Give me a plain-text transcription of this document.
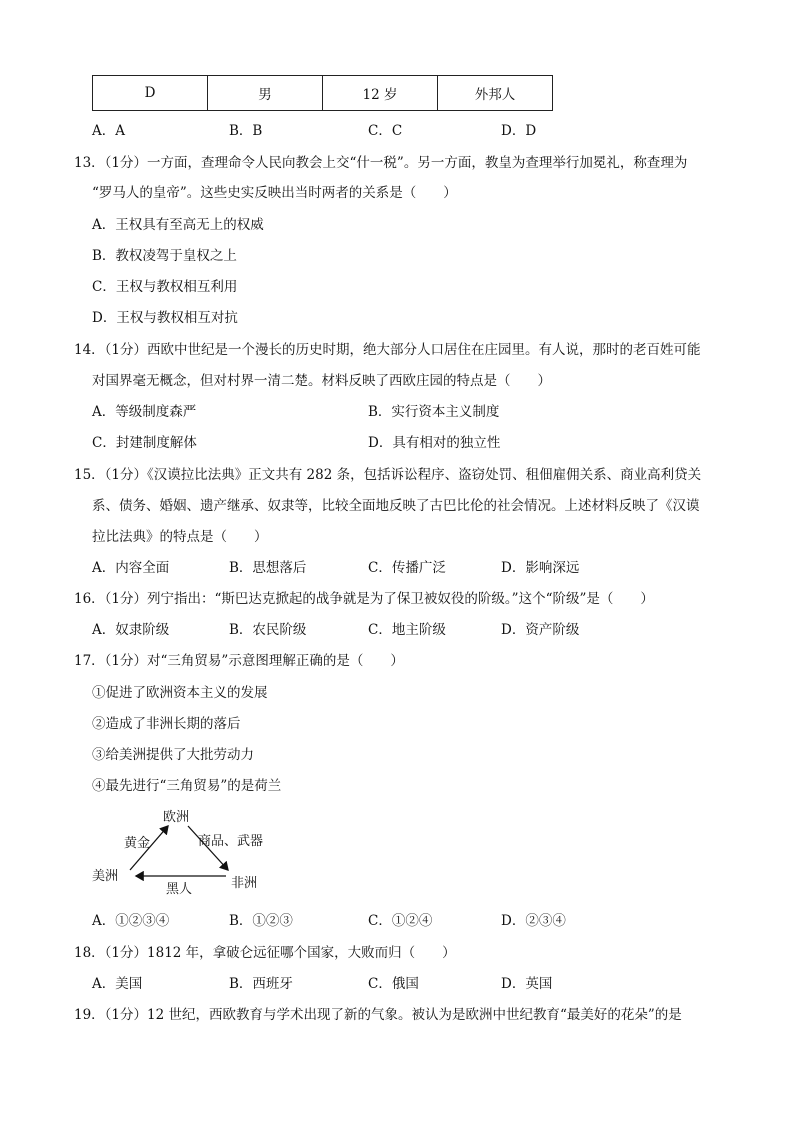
D	男	12 岁	外邦人
A．A	B．B	C．C	D．D
13．（1分）一方面，查理命令人民向教会上交“什一税”。另一方面，教皇为查理举行加冕礼，称查理为
“罗马人的皇帝”。这些史实反映出当时两者的关系是（　　）
A．王权具有至高无上的权威
B．教权凌驾于皇权之上
C．王权与教权相互利用
D．王权与教权相互对抗
14．（1分）西欧中世纪是一个漫长的历史时期，绝大部分人口居住在庄园里。有人说，那时的老百姓可能
对国界毫无概念，但对村界一清二楚。材料反映了西欧庄园的特点是（　　）
A．等级制度森严	B．实行资本主义制度
C．封建制度解体	D．具有相对的独立性
15．（1分）《汉谟拉比法典》正文共有 282 条，包括诉讼程序、盗窃处罚、租佃雇佣关系、商业高利贷关
系、债务、婚姻、遗产继承、奴隶等，比较全面地反映了古巴比伦的社会情况。上述材料反映了《汉谟
拉比法典》的特点是（　　）
A．内容全面	B．思想落后	C．传播广泛	D．影响深远
16．（1分）列宁指出：“斯巴达克掀起的战争就是为了保卫被奴役的阶级。”这个“阶级”是（　　）
A．奴隶阶级	B．农民阶级	C．地主阶级	D．资产阶级
17．（1分）对“三角贸易”示意图理解正确的是（　　）
①促进了欧洲资本主义的发展
②造成了非洲长期的落后
③给美洲提供了大批劳动力
④最先进行“三角贸易”的是荷兰
欧洲
黄金	商品、武器
美洲	非洲
黑人
A．①②③④	B．①②③	C．①②④	D．②③④
18．（1分）1812 年，拿破仑远征哪个国家，大败而归（　　）
A．美国	B．西班牙	C．俄国	D．英国
19．（1分）12 世纪，西欧教育与学术出现了新的气象。被认为是欧洲中世纪教育“最美好的花朵”的是
